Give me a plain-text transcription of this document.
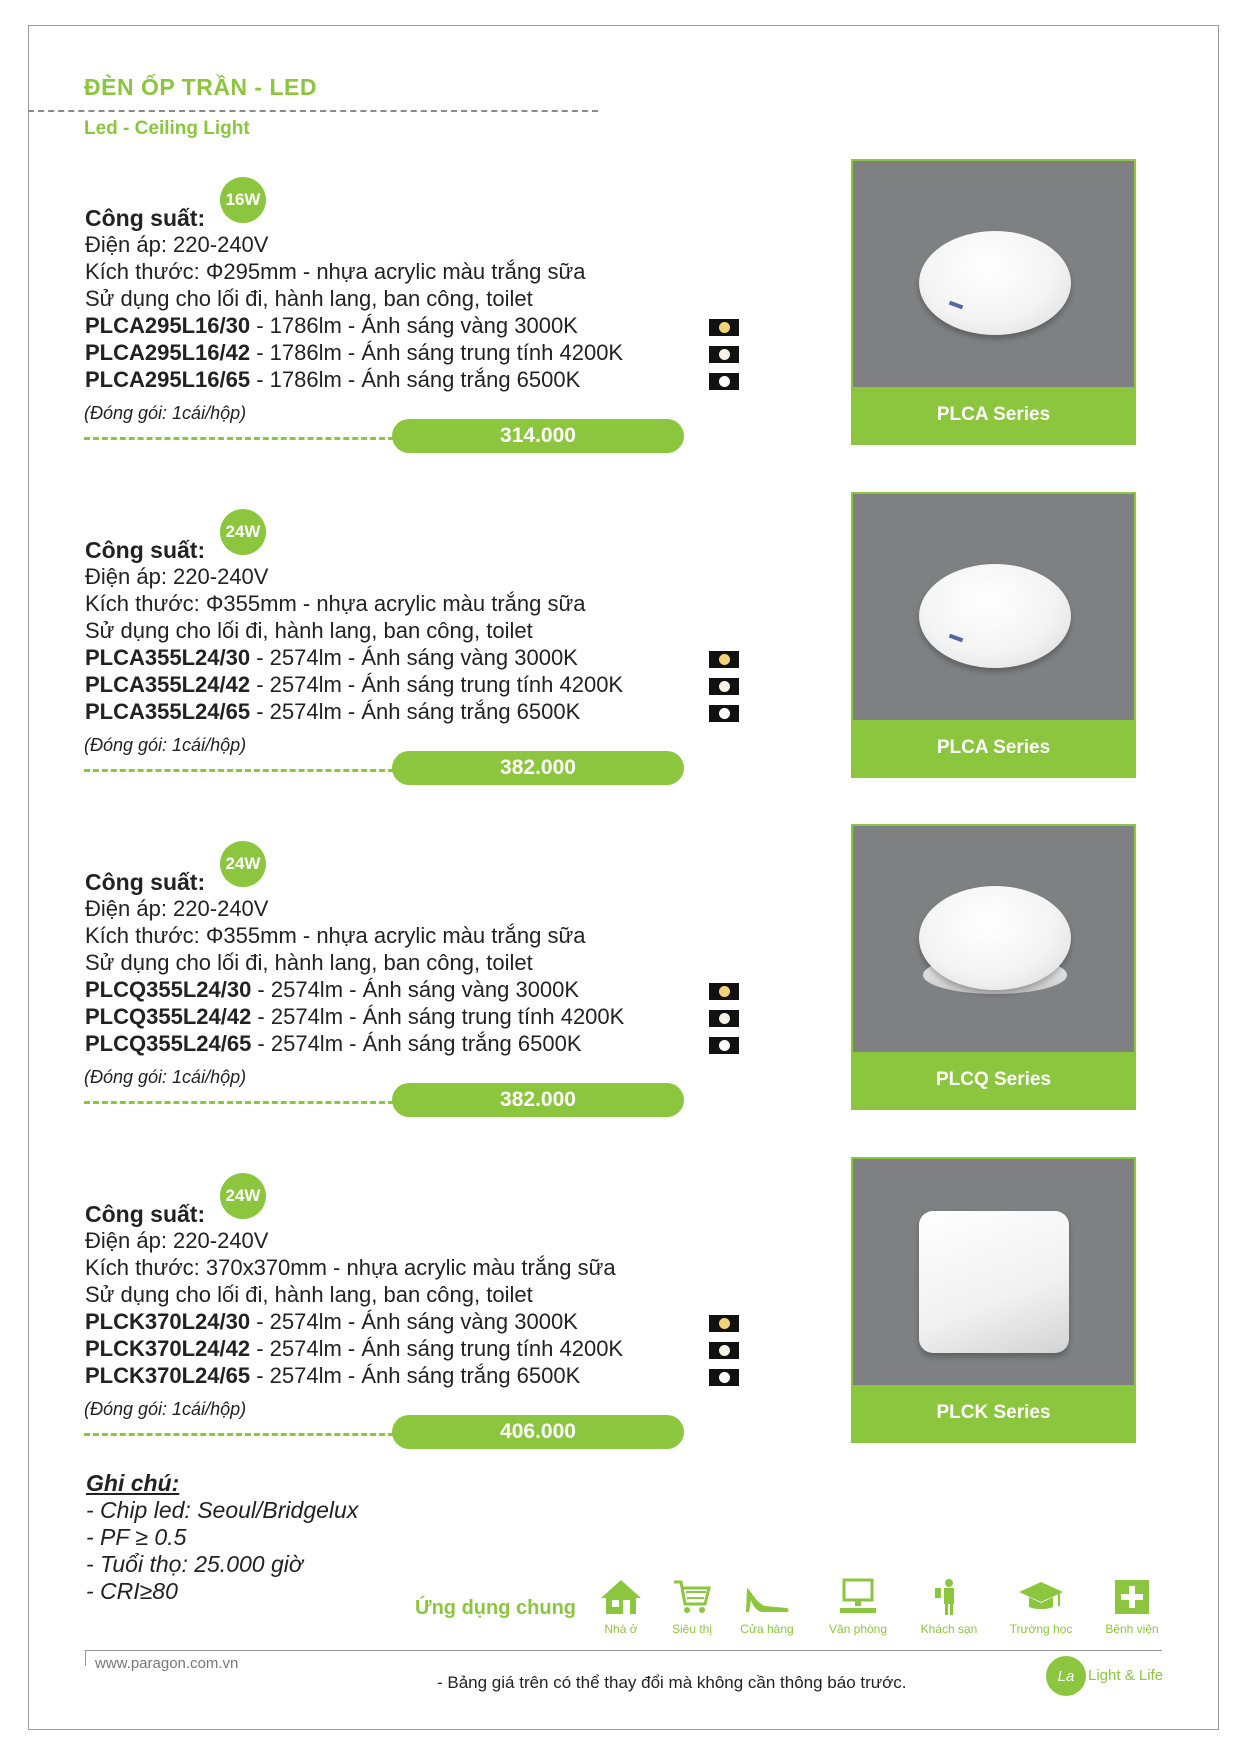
ĐÈN ỐP TRẦN - LED
Led - Ceiling Light
Công suất:
16W
Điện áp: 220-240V
Kích thước: Φ295mm - nhựa acrylic màu trắng sữa
Sử dụng cho lối đi, hành lang, ban công, toilet
PLCA295L16/30 - 1786lm - Ánh sáng vàng 3000K
PLCA295L16/42 - 1786lm - Ánh sáng trung tính 4200K
PLCA295L16/65 - 1786lm - Ánh sáng trắng 6500K
(Đóng gói: 1cái/hộp)
314.000
Công suất:
24W
Điện áp: 220-240V
Kích thước: Φ355mm - nhựa acrylic màu trắng sữa
Sử dụng cho lối đi, hành lang, ban công, toilet
PLCA355L24/30 - 2574lm - Ánh sáng vàng 3000K
PLCA355L24/42 - 2574lm - Ánh sáng trung tính 4200K
PLCA355L24/65 - 2574lm - Ánh sáng trắng 6500K
(Đóng gói: 1cái/hộp)
382.000
Công suất:
24W
Điện áp: 220-240V
Kích thước: Φ355mm - nhựa acrylic màu trắng sữa
Sử dụng cho lối đi, hành lang, ban công, toilet
PLCQ355L24/30 - 2574lm - Ánh sáng vàng 3000K
PLCQ355L24/42 - 2574lm - Ánh sáng trung tính 4200K
PLCQ355L24/65 - 2574lm - Ánh sáng trắng 6500K
(Đóng gói: 1cái/hộp)
382.000
Công suất:
24W
Điện áp: 220-240V
Kích thước: 370x370mm - nhựa acrylic màu trắng sữa
Sử dụng cho lối đi, hành lang, ban công, toilet
PLCK370L24/30 - 2574lm - Ánh sáng vàng 3000K
PLCK370L24/42 - 2574lm - Ánh sáng trung tính 4200K
PLCK370L24/65 - 2574lm - Ánh sáng trắng 6500K
(Đóng gói: 1cái/hộp)
406.000
PLCA Series
PLCA Series
PLCQ Series
PLCK Series
Ghi chú:
- Chip led: Seoul/Bridgelux
- PF ≥ 0.5
- Tuổi thọ: 25.000 giờ
- CRI≥80
Ứng dụng chung
Nhà ở	Siêu thị	Cửa hàng	Văn phòng	Khách sạn	Trường học	Bệnh viện
www.paragon.com.vn
- Bảng giá trên có thể thay đổi mà không cần thông báo trước.	La Light & Life
